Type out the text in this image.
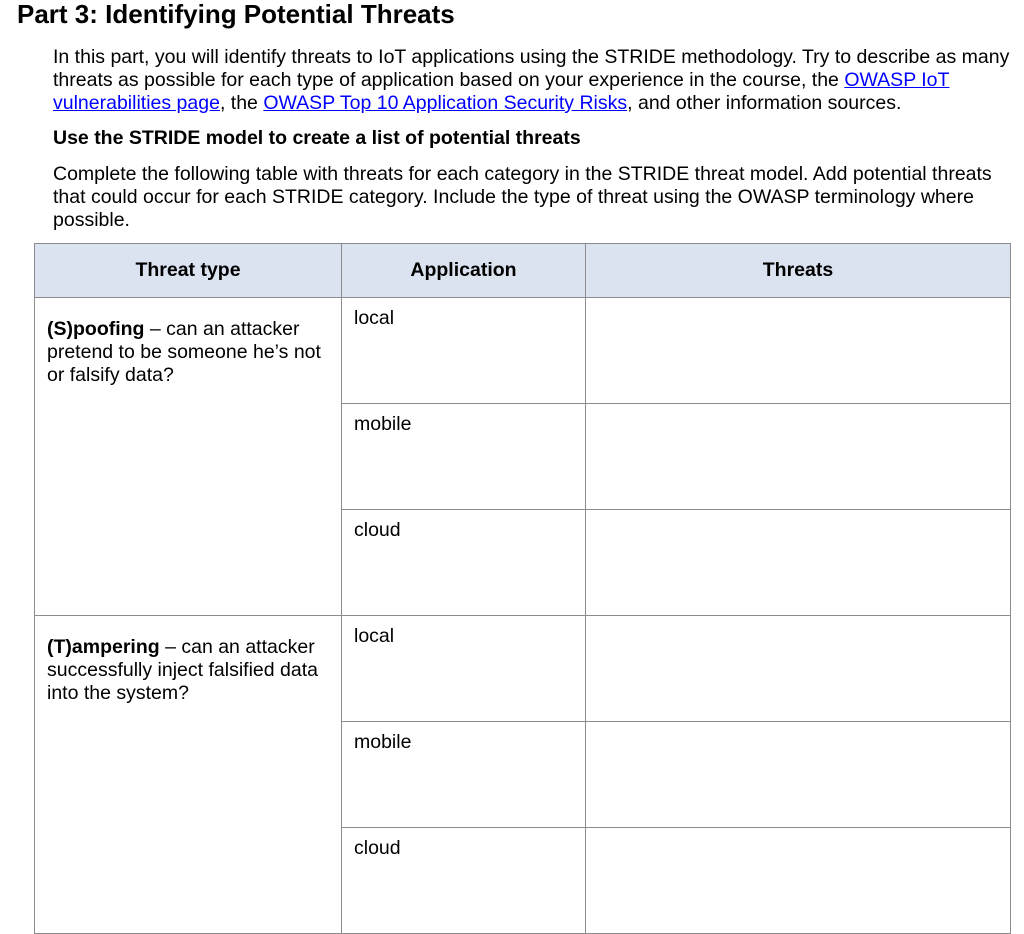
Part 3: Identifying Potential Threats

In this part, you will identify threats to IoT applications using the STRIDE methodology. Try to describe as many threats as possible for each type of application based on your experience in the course, the OWASP IoT vulnerabilities page, the OWASP Top 10 Application Security Risks, and other information sources.

Use the STRIDE model to create a list of potential threats

Complete the following table with threats for each category in the STRIDE threat model. Add potential threats that could occur for each STRIDE category. Include the type of threat using the OWASP terminology where possible.

Threat type	Application	Threats
(S)poofing – can an attacker pretend to be someone he’s not or falsify data?	local	
	mobile	
	cloud	
(T)ampering – can an attacker successfully inject falsified data into the system?	local	
	mobile	
	cloud	
